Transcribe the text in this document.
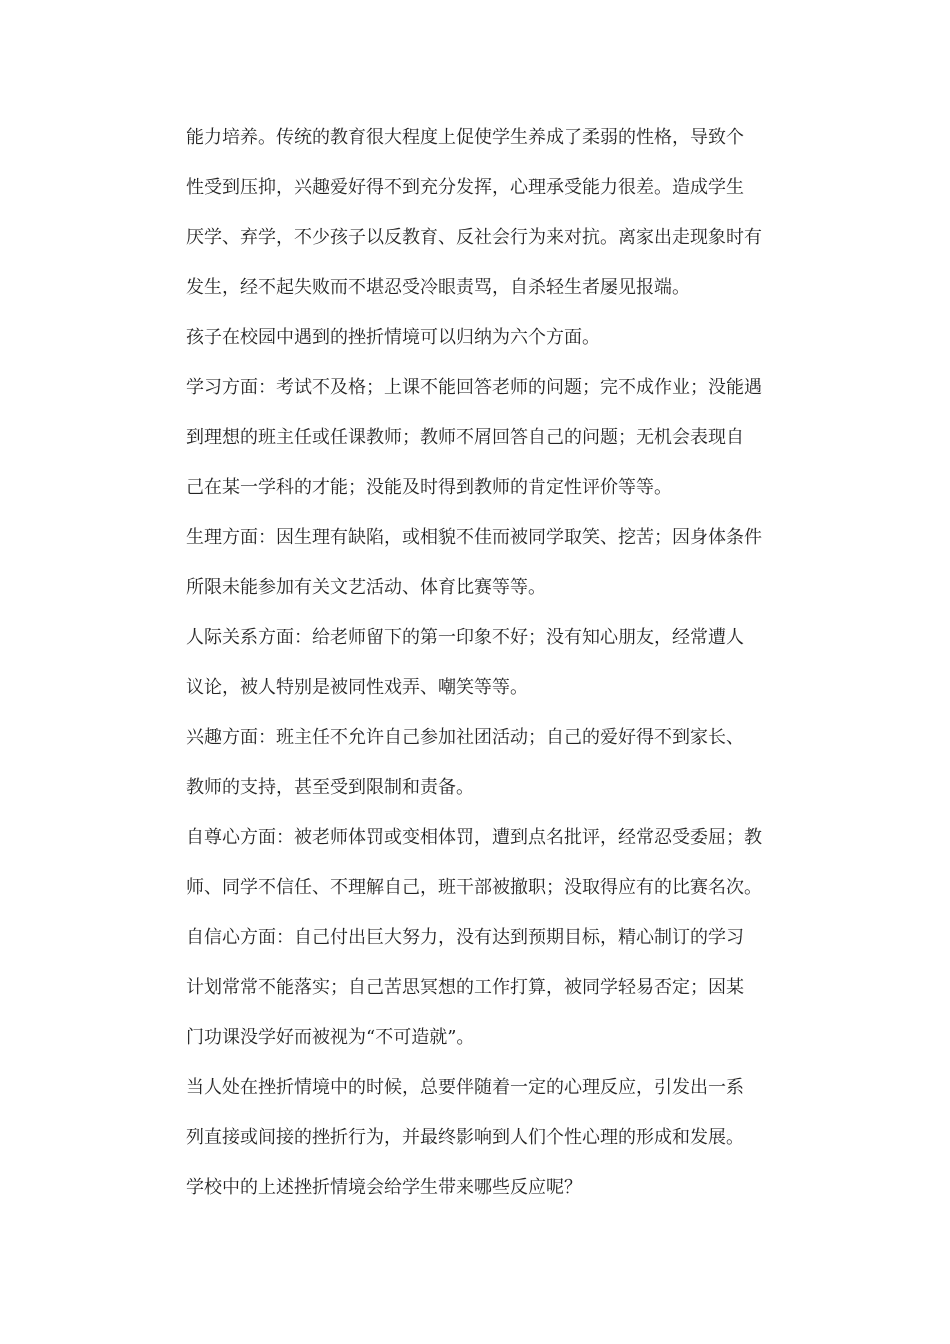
能力培养。传统的教育很大程度上促使学生养成了柔弱的性格，导致个
性受到压抑，兴趣爱好得不到充分发挥，心理承受能力很差。造成学生
厌学、弃学，不少孩子以反教育、反社会行为来对抗。离家出走现象时有
发生，经不起失败而不堪忍受冷眼责骂，自杀轻生者屡见报端。
孩子在校园中遇到的挫折情境可以归纳为六个方面。
学习方面：考试不及格；上课不能回答老师的问题；完不成作业；没能遇
到理想的班主任或任课教师；教师不屑回答自己的问题；无机会表现自
己在某一学科的才能；没能及时得到教师的肯定性评价等等。
生理方面：因生理有缺陷，或相貌不佳而被同学取笑、挖苦；因身体条件
所限未能参加有关文艺活动、体育比赛等等。
人际关系方面：给老师留下的第一印象不好；没有知心朋友，经常遭人
议论，被人特别是被同性戏弄、嘲笑等等。
兴趣方面：班主任不允许自己参加社团活动；自己的爱好得不到家长、
教师的支持，甚至受到限制和责备。
自尊心方面：被老师体罚或变相体罚，遭到点名批评，经常忍受委屈；教
师、同学不信任、不理解自己，班干部被撤职；没取得应有的比赛名次。
自信心方面：自己付出巨大努力，没有达到预期目标，精心制订的学习
计划常常不能落实；自己苦思冥想的工作打算，被同学轻易否定；因某
门功课没学好而被视为“不可造就”。
当人处在挫折情境中的时候，总要伴随着一定的心理反应，引发出一系
列直接或间接的挫折行为，并最终影响到人们个性心理的形成和发展。
学校中的上述挫折情境会给学生带来哪些反应呢？
